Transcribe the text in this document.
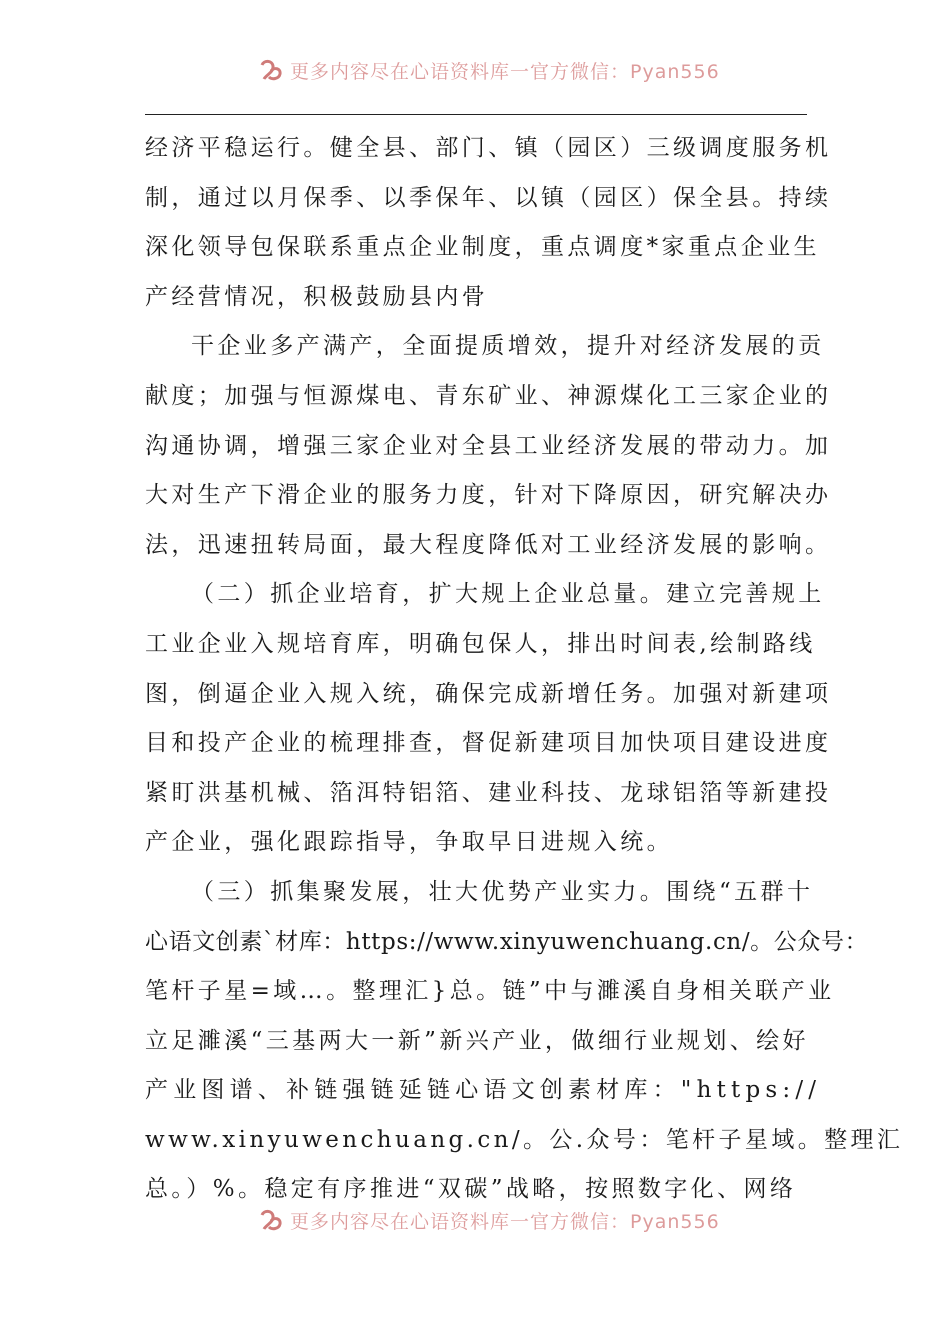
更多内容尽在心语资料库一官方微信：Pyan556
经济平稳运行。健全县、部门、镇（园区）三级调度服务机
制，通过以月保季、以季保年、以镇（园区）保全县。持续
深化领导包保联系重点企业制度，重点调度*家重点企业生
产经营情况，积极鼓励县内骨
干企业多产满产，全面提质增效，提升对经济发展的贡
献度；加强与恒源煤电、青东矿业、神源煤化工三家企业的
沟通协调，增强三家企业对全县工业经济发展的带动力。加
大对生产下滑企业的服务力度，针对下降原因，研究解决办
法，迅速扭转局面，最大程度降低对工业经济发展的影响。
（二）抓企业培育，扩大规上企业总量。建立完善规上
工业企业入规培育库，明确包保人，排出时间表,绘制路线
图，倒逼企业入规入统，确保完成新增任务。加强对新建项
目和投产企业的梳理排查，督促新建项目加快项目建设进度
紧盯洪基机械、箔洱特铝箔、建业科技、龙球铝箔等新建投
产企业，强化跟踪指导，争取早日进规入统。
（三）抓集聚发展，壮大优势产业实力。围绕“五群十
心语文创素`材库：https://www.xinyuwenchuang.cn/。公众号：
笔杆子星=域…。整理汇}总。链”中与濉溪自身相关联产业
立足濉溪“三基两大一新”新兴产业，做细行业规划、绘好
产业图谱、补链强链延链心语文创素材库："https://
www.xinyuwenchuang.cn/。公.众号：笔杆子星域。整理汇
总。）%。稳定有序推进“双碳”战略，按照数字化、网络
更多内容尽在心语资料库一官方微信：Pyan556
